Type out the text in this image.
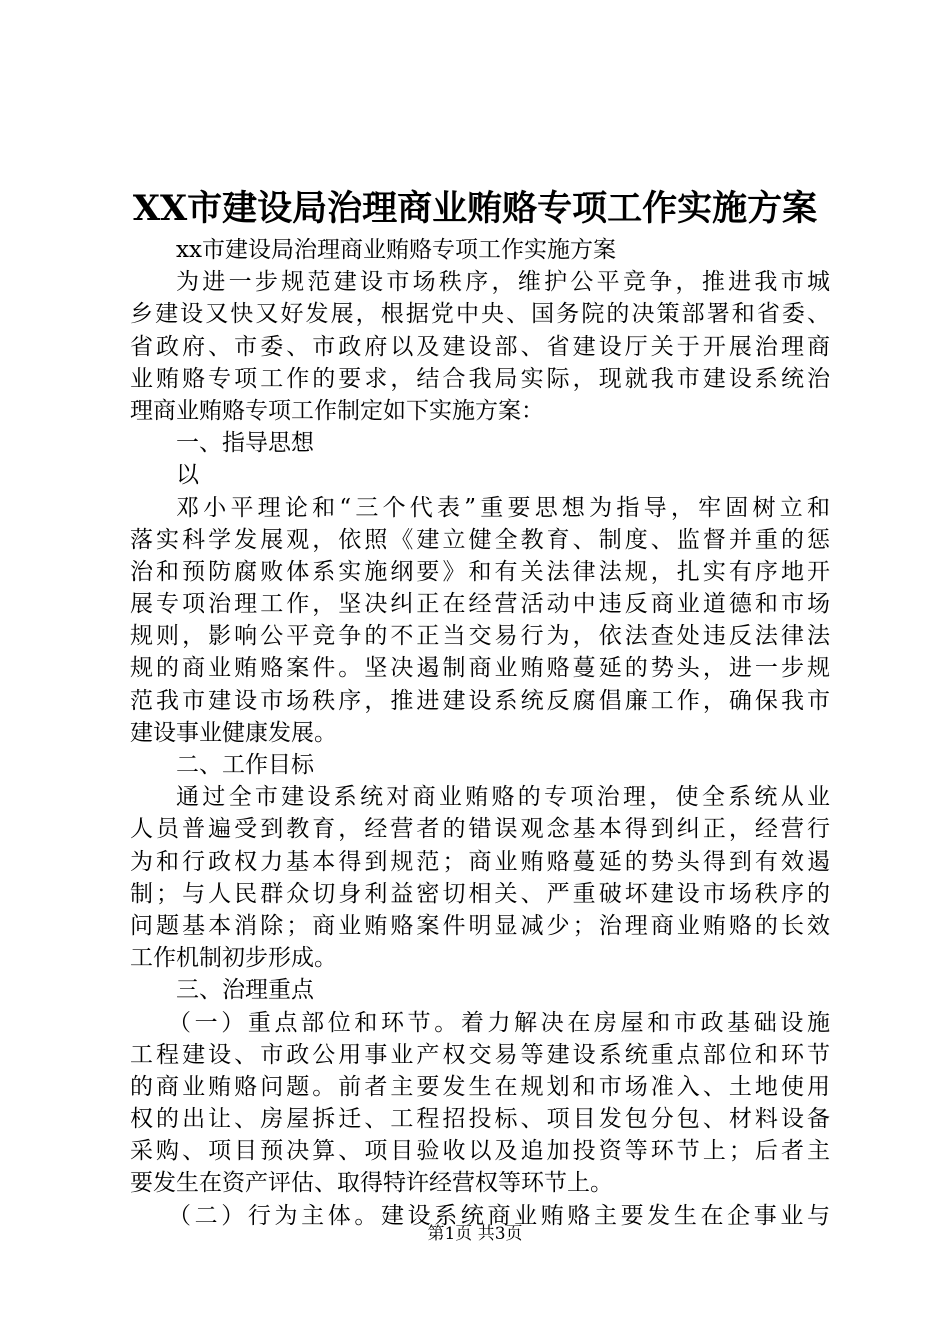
XX市建设局治理商业贿赂专项工作实施方案
xx市建设局治理商业贿赂专项工作实施方案
为进一步规范建设市场秩序，维护公平竞争，推进我市城
乡建设又快又好发展，根据党中央、国务院的决策部署和省委、
省政府、市委、市政府以及建设部、省建设厅关于开展治理商
业贿赂专项工作的要求，结合我局实际，现就我市建设系统治
理商业贿赂专项工作制定如下实施方案：
一、指导思想
以
邓小平理论和“三个代表”重要思想为指导，牢固树立和
落实科学发展观，依照《建立健全教育、制度、监督并重的惩
治和预防腐败体系实施纲要》和有关法律法规，扎实有序地开
展专项治理工作，坚决纠正在经营活动中违反商业道德和市场
规则，影响公平竞争的不正当交易行为，依法查处违反法律法
规的商业贿赂案件。坚决遏制商业贿赂蔓延的势头，进一步规
范我市建设市场秩序，推进建设系统反腐倡廉工作，确保我市
建设事业健康发展。
二、工作目标
通过全市建设系统对商业贿赂的专项治理，使全系统从业
人员普遍受到教育，经营者的错误观念基本得到纠正，经营行
为和行政权力基本得到规范；商业贿赂蔓延的势头得到有效遏
制；与人民群众切身利益密切相关、严重破坏建设市场秩序的
问题基本消除；商业贿赂案件明显减少；治理商业贿赂的长效
工作机制初步形成。
三、治理重点
（一）重点部位和环节。着力解决在房屋和市政基础设施
工程建设、市政公用事业产权交易等建设系统重点部位和环节
的商业贿赂问题。前者主要发生在规划和市场准入、土地使用
权的出让、房屋拆迁、工程招投标、项目发包分包、材料设备
采购、项目预决算、项目验收以及追加投资等环节上；后者主
要发生在资产评估、取得特许经营权等环节上。
（二）行为主体。建设系统商业贿赂主要发生在企事业与
第1页 共3页
